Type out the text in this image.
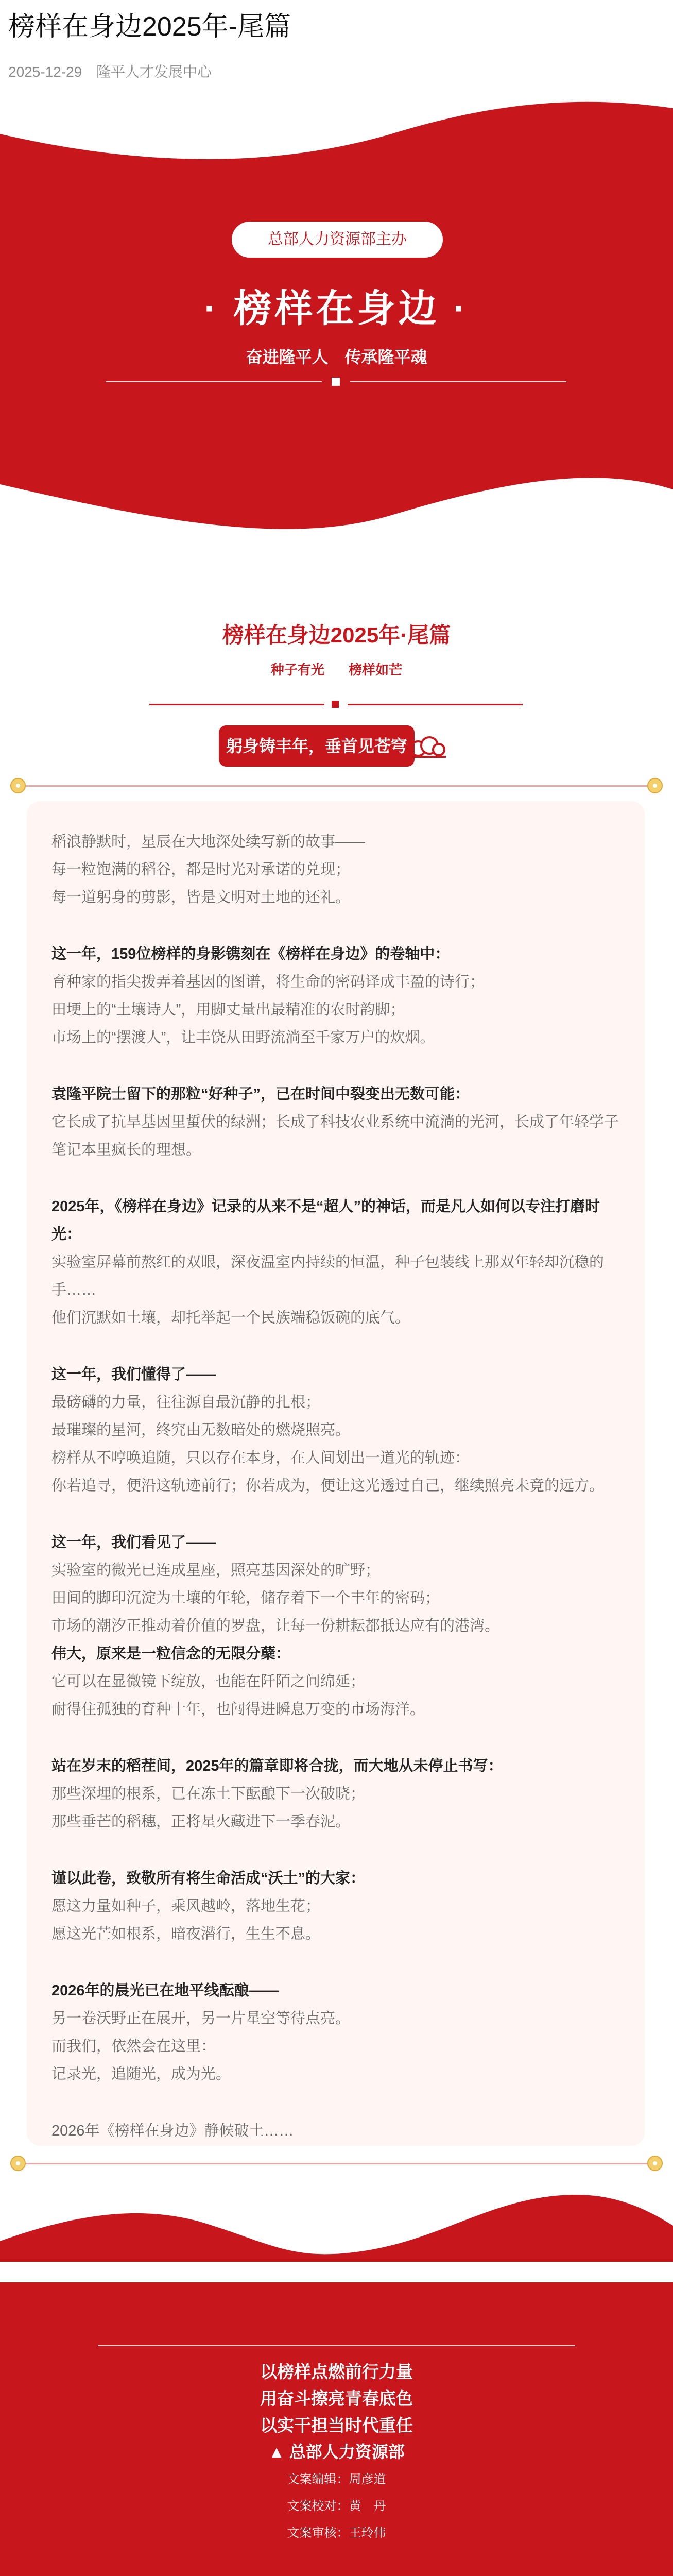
榜样在身边2025年-尾篇
2025-12-29 隆平人才发展中心
总部人力资源部主办
· 榜样在身边 ·
奋进隆平人　传承隆平魂
榜样在身边2025年·尾篇
种子有光 榜样如芒
躬身铸丰年，垂首见苍穹

稻浪静默时，星辰在大地深处续写新的故事——

每一粒饱满的稻谷，都是时光对承诺的兑现；

每一道躬身的剪影，皆是文明对土地的还礼。

这一年，159位榜样的身影镌刻在《榜样在身边》的卷轴中：

育种家的指尖拨弄着基因的图谱，将生命的密码译成丰盈的诗行；

田埂上的“土壤诗人”，用脚丈量出最精准的农时韵脚；

市场上的“摆渡人”，让丰饶从田野流淌至千家万户的炊烟。

袁隆平院士留下的那粒“好种子”，已在时间中裂变出无数可能：

它长成了抗旱基因里蜇伏的绿洲；长成了科技农业系统中流淌的光河，长成了年轻学子笔记本里疯长的理想。

2025年，《榜样在身边》记录的从来不是“超人”的神话，而是凡人如何以专注打磨时光：

实验室屏幕前熬红的双眼，深夜温室内持续的恒温，种子包装线上那双年轻却沉稳的手……

他们沉默如土壤，却托举起一个民族端稳饭碗的底气。

这一年，我们懂得了——

最磅礴的力量，往往源自最沉静的扎根；

最璀璨的星河，终究由无数暗处的燃烧照亮。

榜样从不哼唤追随，只以存在本身，在人间划出一道光的轨迹：

你若追寻，便沿这轨迹前行；你若成为，便让这光透过自己，继续照亮未竟的远方。

这一年，我们看见了——

实验室的微光已连成星座，照亮基因深处的旷野；

田间的脚印沉淀为土壤的年轮，储存着下一个丰年的密码；

市场的潮汐正推动着价值的罗盘，让每一份耕耘都抵达应有的港湾。

伟大，原来是一粒信念的无限分蘖：

它可以在显微镜下绽放，也能在阡陌之间绵延；

耐得住孤独的育种十年，也闯得进瞬息万变的市场海洋。

站在岁末的稻茬间，2025年的篇章即将合拢，而大地从未停止书写：

那些深埋的根系，已在冻土下酝酿下一次破晓；

那些垂芒的稻穗，正将星火藏进下一季春泥。

谨以此卷，致敬所有将生命活成“沃土”的大家：

愿这力量如种子，乘风越岭，落地生花；

愿这光芒如根系，暗夜潜行，生生不息。

2026年的晨光已在地平线酝酿——

另一卷沃野正在展开，另一片星空等待点亮。

而我们，依然会在这里：

记录光，追随光，成为光。

2026年《榜样在身边》静候破土……

以榜样点燃前行力量
用奋斗擦亮青春底色
以实干担当时代重任
▲ 总部人力资源部
文案编辑：周彦道
文案校对：黄　丹
文案审核：王玲伟
